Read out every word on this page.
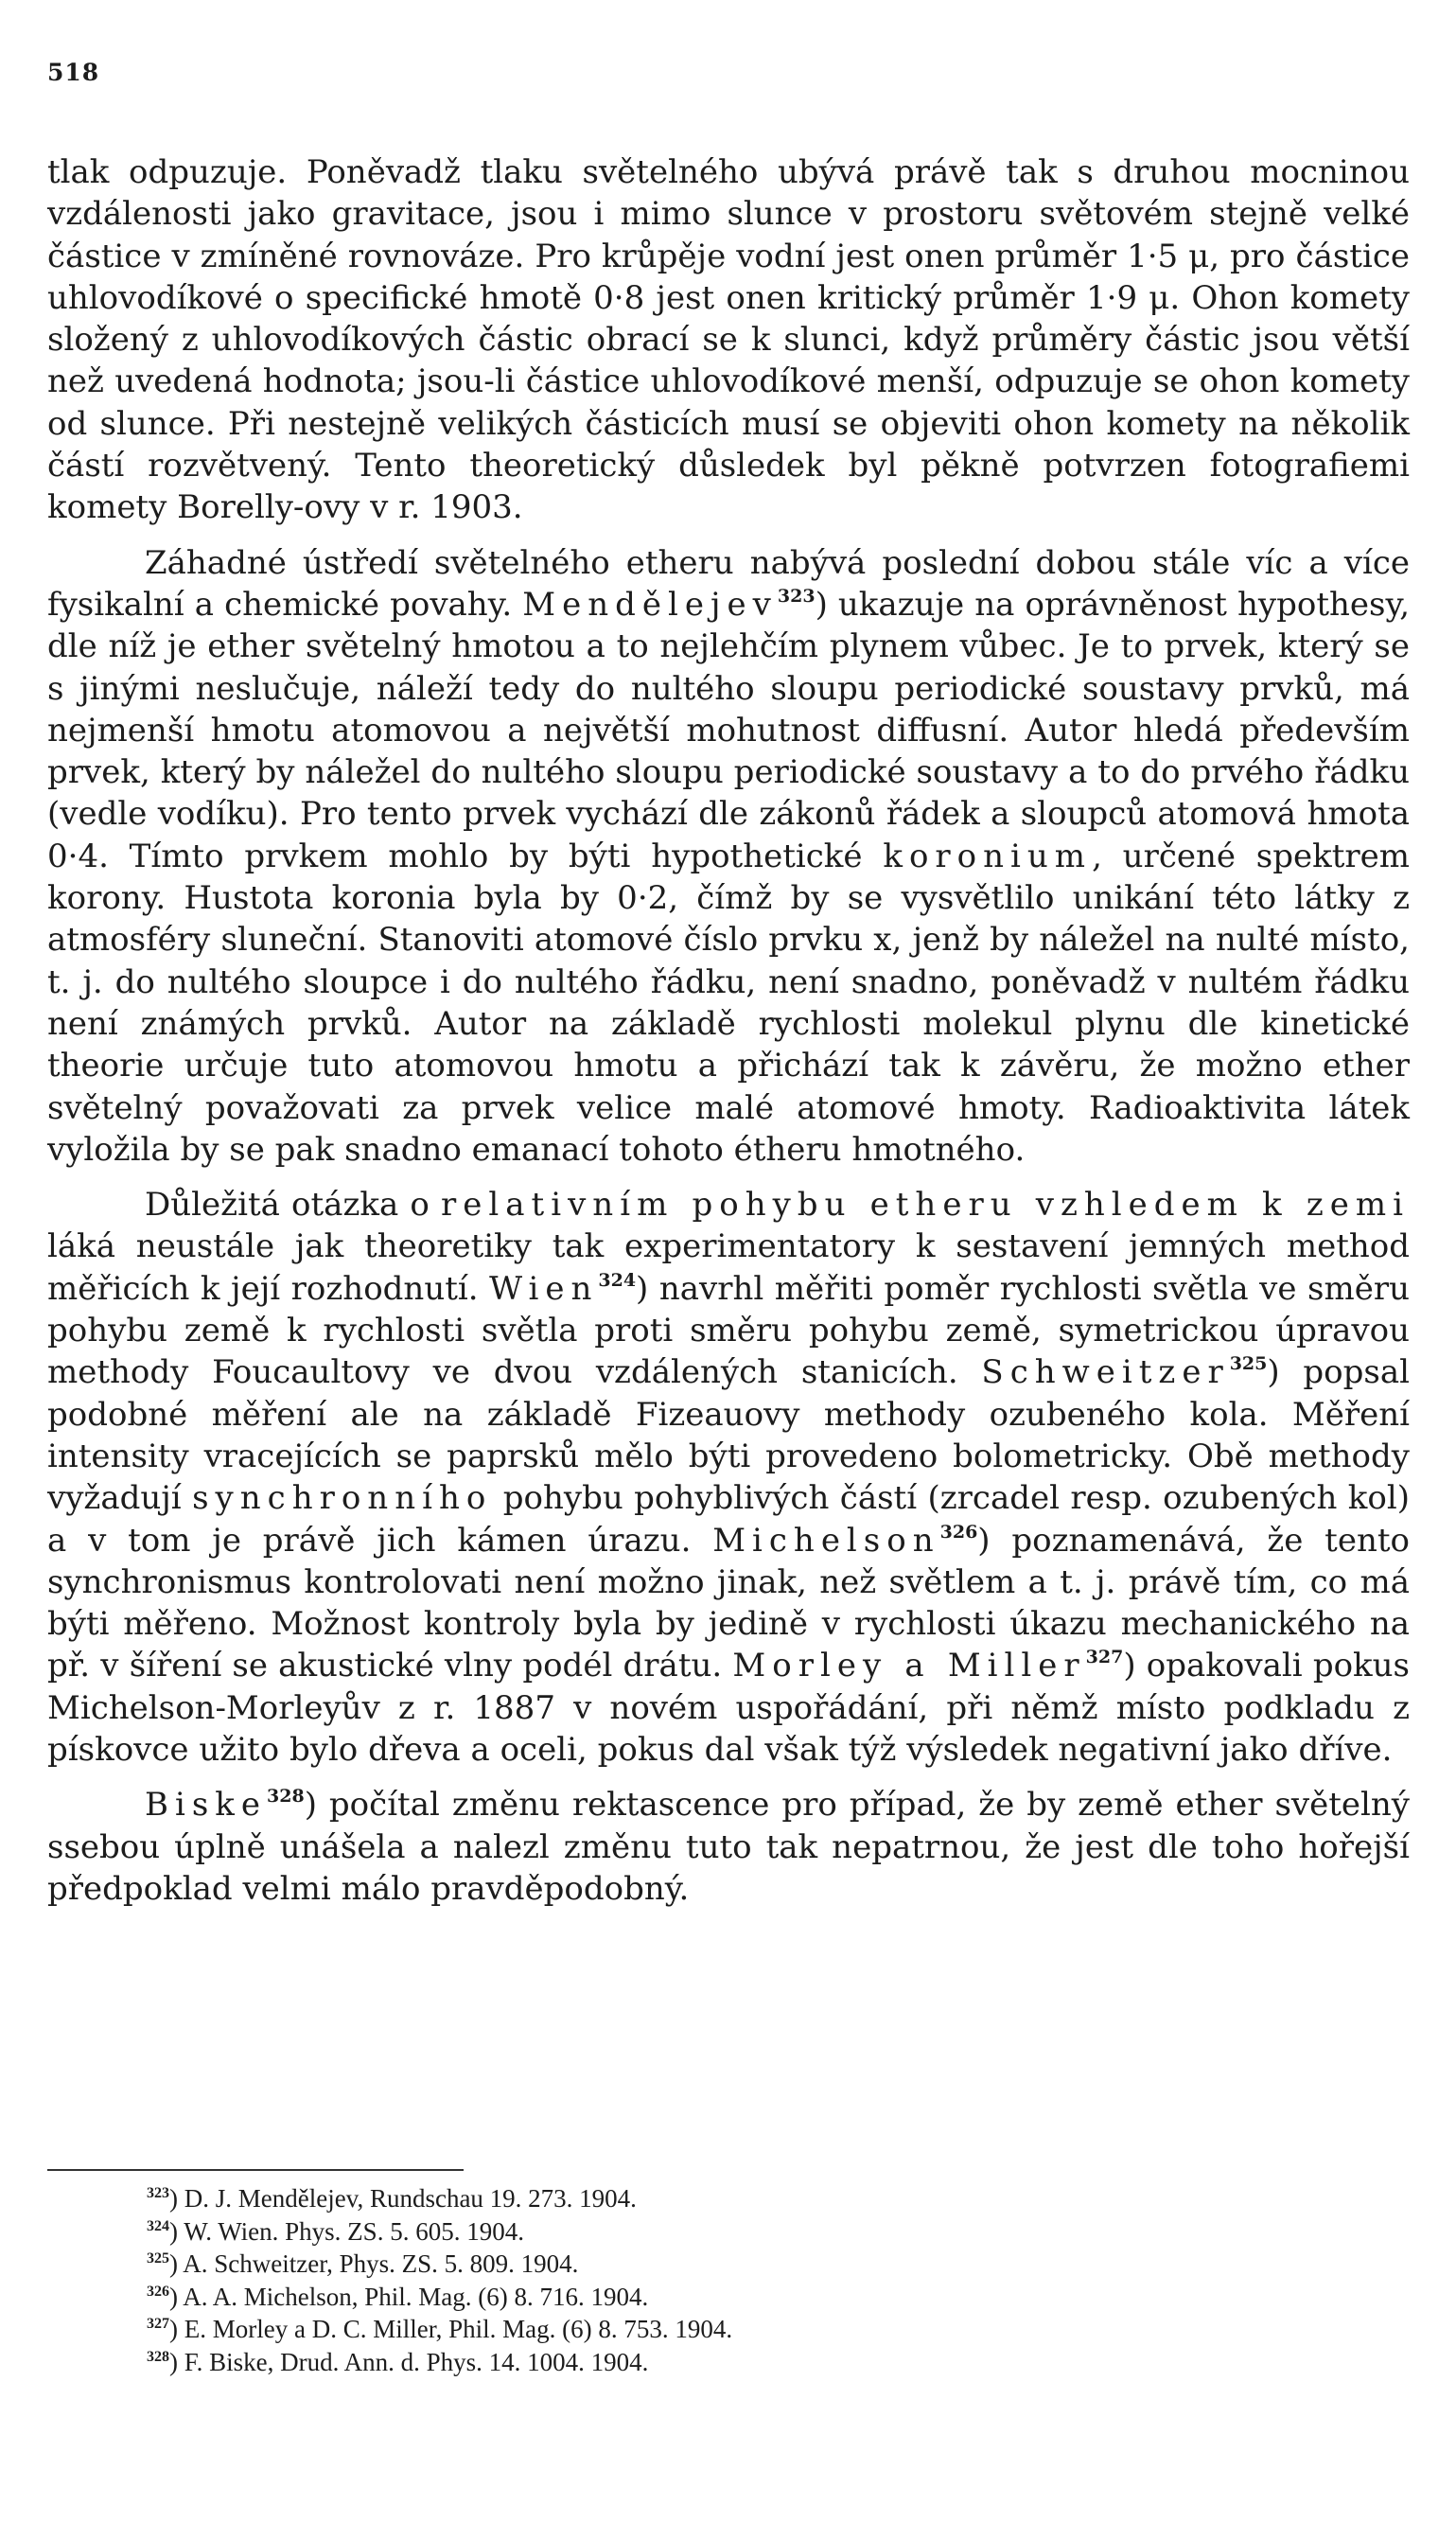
518

tlak odpuzuje. Poněvadž tlaku světelného ubývá právě tak s druhou mocninou vzdálenosti jako gravitace, jsou i mimo slunce v prostoru světovém stejně velké částice v zmíněné rovnováze. Pro krůpěje vodní jest onen průměr 1·5 μ, pro částice uhlovodíkové o specifické hmotě 0·8 jest onen kritický průměr 1·9 μ. Ohon komety složený z uhlovodíkových částic obrací se k slunci, když průměry částic jsou větší než uvedená hodnota; jsou-li částice uhlovodíkové menší, odpuzuje se ohon komety od slunce. Při nestejně velikých částicích musí se objeviti ohon komety na několik částí rozvětvený. Tento theoretický důsledek byl pěkně potvrzen fotografiemi komety Borelly-ovy v r. 1903.

Záhadné ústředí světelného etheru nabývá poslední dobou stále víc a více fysikalní a chemické povahy. Mendělejev$^{323}$) ukazuje na oprávněnost hypothesy, dle níž je ether světelný hmotou a to nejlehčím plynem vůbec. Je to prvek, který se s jinými neslučuje, náleží tedy do nultého sloupu periodické soustavy prvků, má nejmenší hmotu atomovou a největší mohutnost diffusní. Autor hledá především prvek, který by náležel do nultého sloupu periodické soustavy a to do prvého řádku (vedle vodíku). Pro tento prvek vychází dle zákonů řádek a sloupců atomová hmota 0·4. Tímto prvkem mohlo by býti hypothetické koronium, určené spektrem korony. Hustota koronia byla by 0·2, čímž by se vysvětlilo unikání této látky z atmosféry sluneční. Stanoviti atomové číslo prvku x, jenž by náležel na nulté místo, t. j. do nultého sloupce i do nultého řádku, není snadno, poněvadž v nultém řádku není známých prvků. Autor na základě rychlosti molekul plynu dle kinetické theorie určuje tuto atomovou hmotu a přichází tak k závěru, že možno ether světelný považovati za prvek velice malé atomové hmoty. Radioaktivita látek vyložila by se pak snadno emanací tohoto étheru hmotného.

Důležitá otázka o relativním pohybu etheru vzhledem k zemi láká neustále jak theoretiky tak experimentatory k sestavení jemných method měřicích k její rozhodnutí. Wien$^{324}$) navrhl měřiti poměr rychlosti světla ve směru pohybu země k rychlosti světla proti směru pohybu země, symetrickou úpravou methody Foucaultovy ve dvou vzdálených stanicích. Schweitzer$^{325}$) popsal podobné měření ale na základě Fizeauovy methody ozubeného kola. Měření intensity vracejících se paprsků mělo býti provedeno bolometricky. Obě methody vyžadují synchronního pohybu pohyblivých částí (zrcadel resp. ozubených kol) a v tom je právě jich kámen úrazu. Michelson$^{326}$) poznamenává, že tento synchronismus kontrolovati není možno jinak, než světlem a t. j. právě tím, co má býti měřeno. Možnost kontroly byla by jedině v rychlosti úkazu mechanického na př. v šíření se akustické vlny podél drátu. Morley a Miller$^{327}$) opakovali pokus Michelson-Morleyův z r. 1887 v novém uspořádání, při němž místo podkladu z pískovce užito bylo dřeva a oceli, pokus dal však týž výsledek negativní jako dříve.

Biske$^{328}$) počítal změnu rektascence pro případ, že by země ether světelný ssebou úplně unášela a nalezl změnu tuto tak nepatrnou, že jest dle toho hořejší předpoklad velmi málo pravděpodobný.

$^{323}$) D. J. Mendělejev, Rundschau 19. 273. 1904.
$^{324}$) W. Wien. Phys. ZS. 5. 605. 1904.
$^{325}$) A. Schweitzer, Phys. ZS. 5. 809. 1904.
$^{326}$) A. A. Michelson, Phil. Mag. (6) 8. 716. 1904.
$^{327}$) E. Morley a D. C. Miller, Phil. Mag. (6) 8. 753. 1904.
$^{328}$) F. Biske, Drud. Ann. d. Phys. 14. 1004. 1904.
